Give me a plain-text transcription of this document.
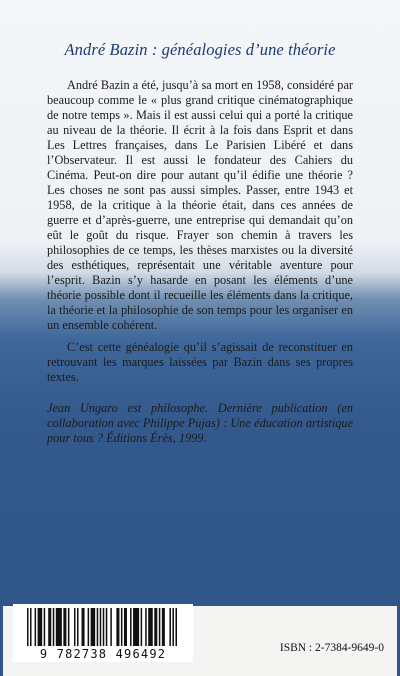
André Bazin : généalogies d’une théorie

André Bazin a été, jusqu’à sa mort en 1958, considéré par beaucoup comme le « plus grand critique cinématographique de notre temps ». Mais il est aussi celui qui a porté la critique au niveau de la théorie. Il écrit à la fois dans Esprit et dans Les Lettres françaises, dans Le Parisien Libéré et dans l’Observateur. Il est aussi le fondateur des Cahiers du Cinéma. Peut-on dire pour autant qu’il édifie une théorie ? Les choses ne sont pas aussi simples. Passer, entre 1943 et 1958, de la critique à la théorie était, dans ces années de guerre et d’après-guerre, une entreprise qui demandait qu’on eût le goût du risque. Frayer son chemin à travers les philosophies de ce temps, les thèses marxistes ou la diversité des esthétiques, représentait une véritable aventure pour l’esprit. Bazin s’y hasarde en posant les éléments d’une théorie possible dont il recueille les éléments dans la critique, la théorie et la philosophie de son temps pour les organiser en un ensemble cohérent.

C’est cette généalogie qu’il s’agissait de reconstituer en retrouvant les marques laissées par Bazin dans ses propres textes.

Jean Ungaro est philosophe. Dernière publication (en collaboration avec Philippe Pujas) : Une éducation artistique pour tous ? Éditions Érès, 1999.

9 782738 496492	ISBN : 2-7384-9649-0
